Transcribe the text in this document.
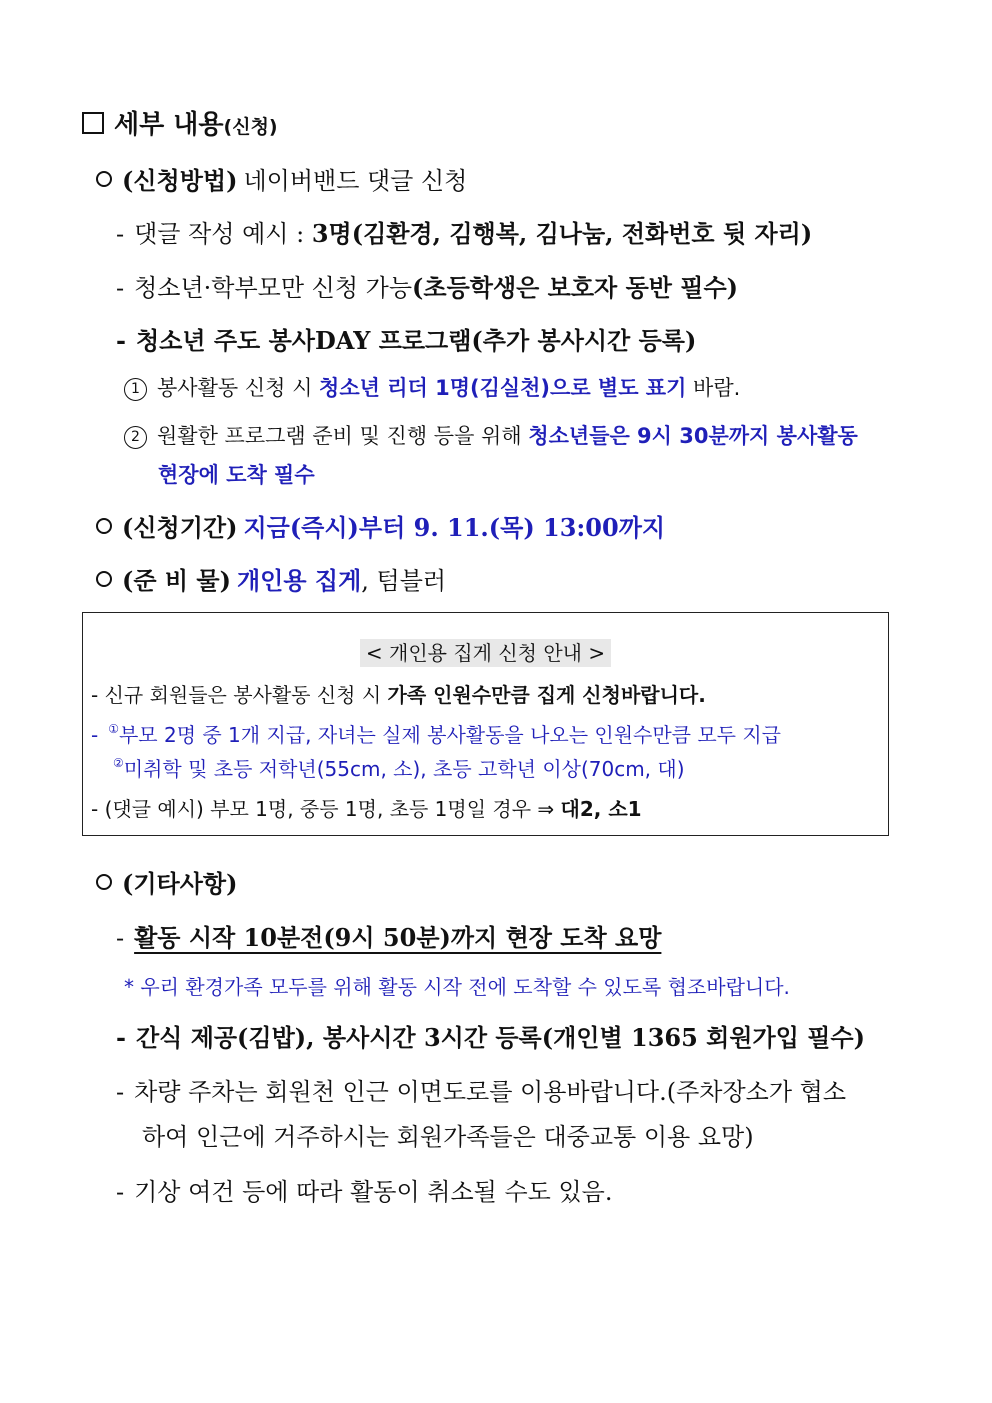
세부 내용(신청)
(신청방법) 네이버밴드 댓글 신청
- 댓글 작성 예시 : 3명(김환경, 김행복, 김나눔, 전화번호 뒷 자리)
- 청소년·학부모만 신청 가능(초등학생은 보호자 동반 필수)
- 청소년 주도 봉사DAY 프로그램(추가 봉사시간 등록)
1 봉사활동 신청 시 청소년 리더 1명(김실천)으로 별도 표기 바람.
2 원활한 프로그램 준비 및 진행 등을 위해 청소년들은 9시 30분까지 봉사활동
현장에 도착 필수
(신청기간) 지금(즉시)부터 9. 11.(목) 13:00까지
(준 비 물) 개인용 집게, 텀블러
< 개인용 집게 신청 안내 >
- 신규 회원들은 봉사활동 신청 시 가족 인원수만큼 집게 신청바랍니다.
- ①부모 2명 중 1개 지급, 자녀는 실제 봉사활동을 나오는 인원수만큼 모두 지급
②미취학 및 초등 저학년(55cm, 소), 초등 고학년 이상(70cm, 대)
- (댓글 예시) 부모 1명, 중등 1명, 초등 1명일 경우 ⇒ 대2, 소1
(기타사항)
- 활동 시작 10분전(9시 50분)까지 현장 도착 요망
* 우리 환경가족 모두를 위해 활동 시작 전에 도착할 수 있도록 협조바랍니다.
- 간식 제공(김밥), 봉사시간 3시간 등록(개인별 1365 회원가입 필수)
- 차량 주차는 회원천 인근 이면도로를 이용바랍니다.(주차장소가 협소
하여 인근에 거주하시는 회원가족들은 대중교통 이용 요망)
- 기상 여건 등에 따라 활동이 취소될 수도 있음.
